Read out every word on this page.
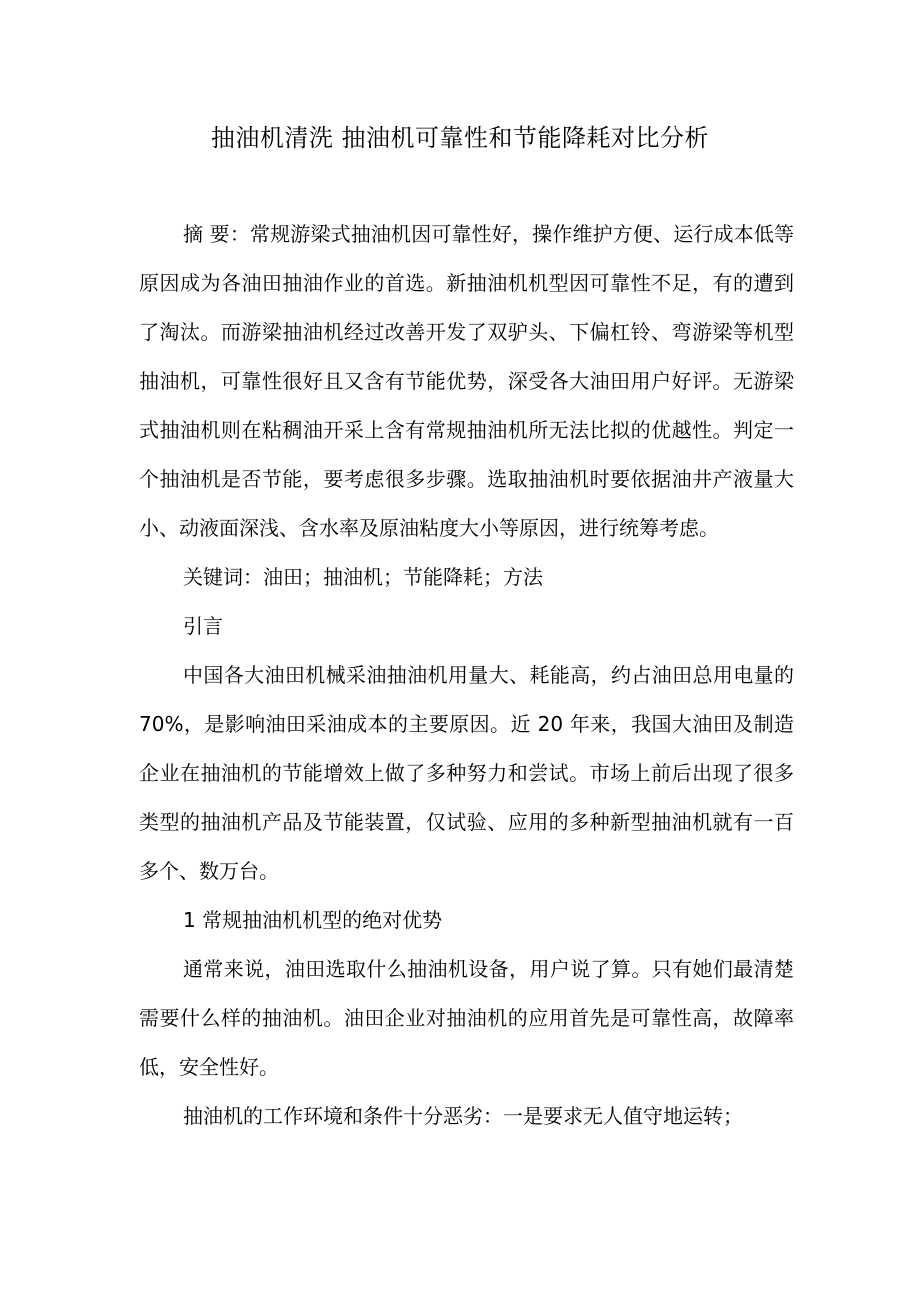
抽油机清洗 抽油机可靠性和节能降耗对比分析

摘 要：常规游梁式抽油机因可靠性好，操作维护方便、运行成本低等原因成为各油田抽油作业的首选。新抽油机机型因可靠性不足，有的遭到了淘汰。而游梁抽油机经过改善开发了双驴头、下偏杠铃、弯游梁等机型抽油机，可靠性很好且又含有节能优势，深受各大油田用户好评。无游梁式抽油机则在粘稠油开采上含有常规抽油机所无法比拟的优越性。判定一个抽油机是否节能，要考虑很多步骤。选取抽油机时要依据油井产液量大小、动液面深浅、含水率及原油粘度大小等原因，进行统筹考虑。

关键词：油田；抽油机；节能降耗；方法

引言

中国各大油田机械采油抽油机用量大、耗能高，约占油田总用电量的 70%，是影响油田采油成本的主要原因。近 20 年来，我国大油田及制造企业在抽油机的节能增效上做了多种努力和尝试。市场上前后出现了很多类型的抽油机产品及节能装置，仅试验、应用的多种新型抽油机就有一百多个、数万台。

1 常规抽油机机型的绝对优势

通常来说，油田选取什么抽油机设备，用户说了算。只有她们最清楚需要什么样的抽油机。油田企业对抽油机的应用首先是可靠性高，故障率低，安全性好。

抽油机的工作环境和条件十分恶劣：一是要求无人值守地运转；
